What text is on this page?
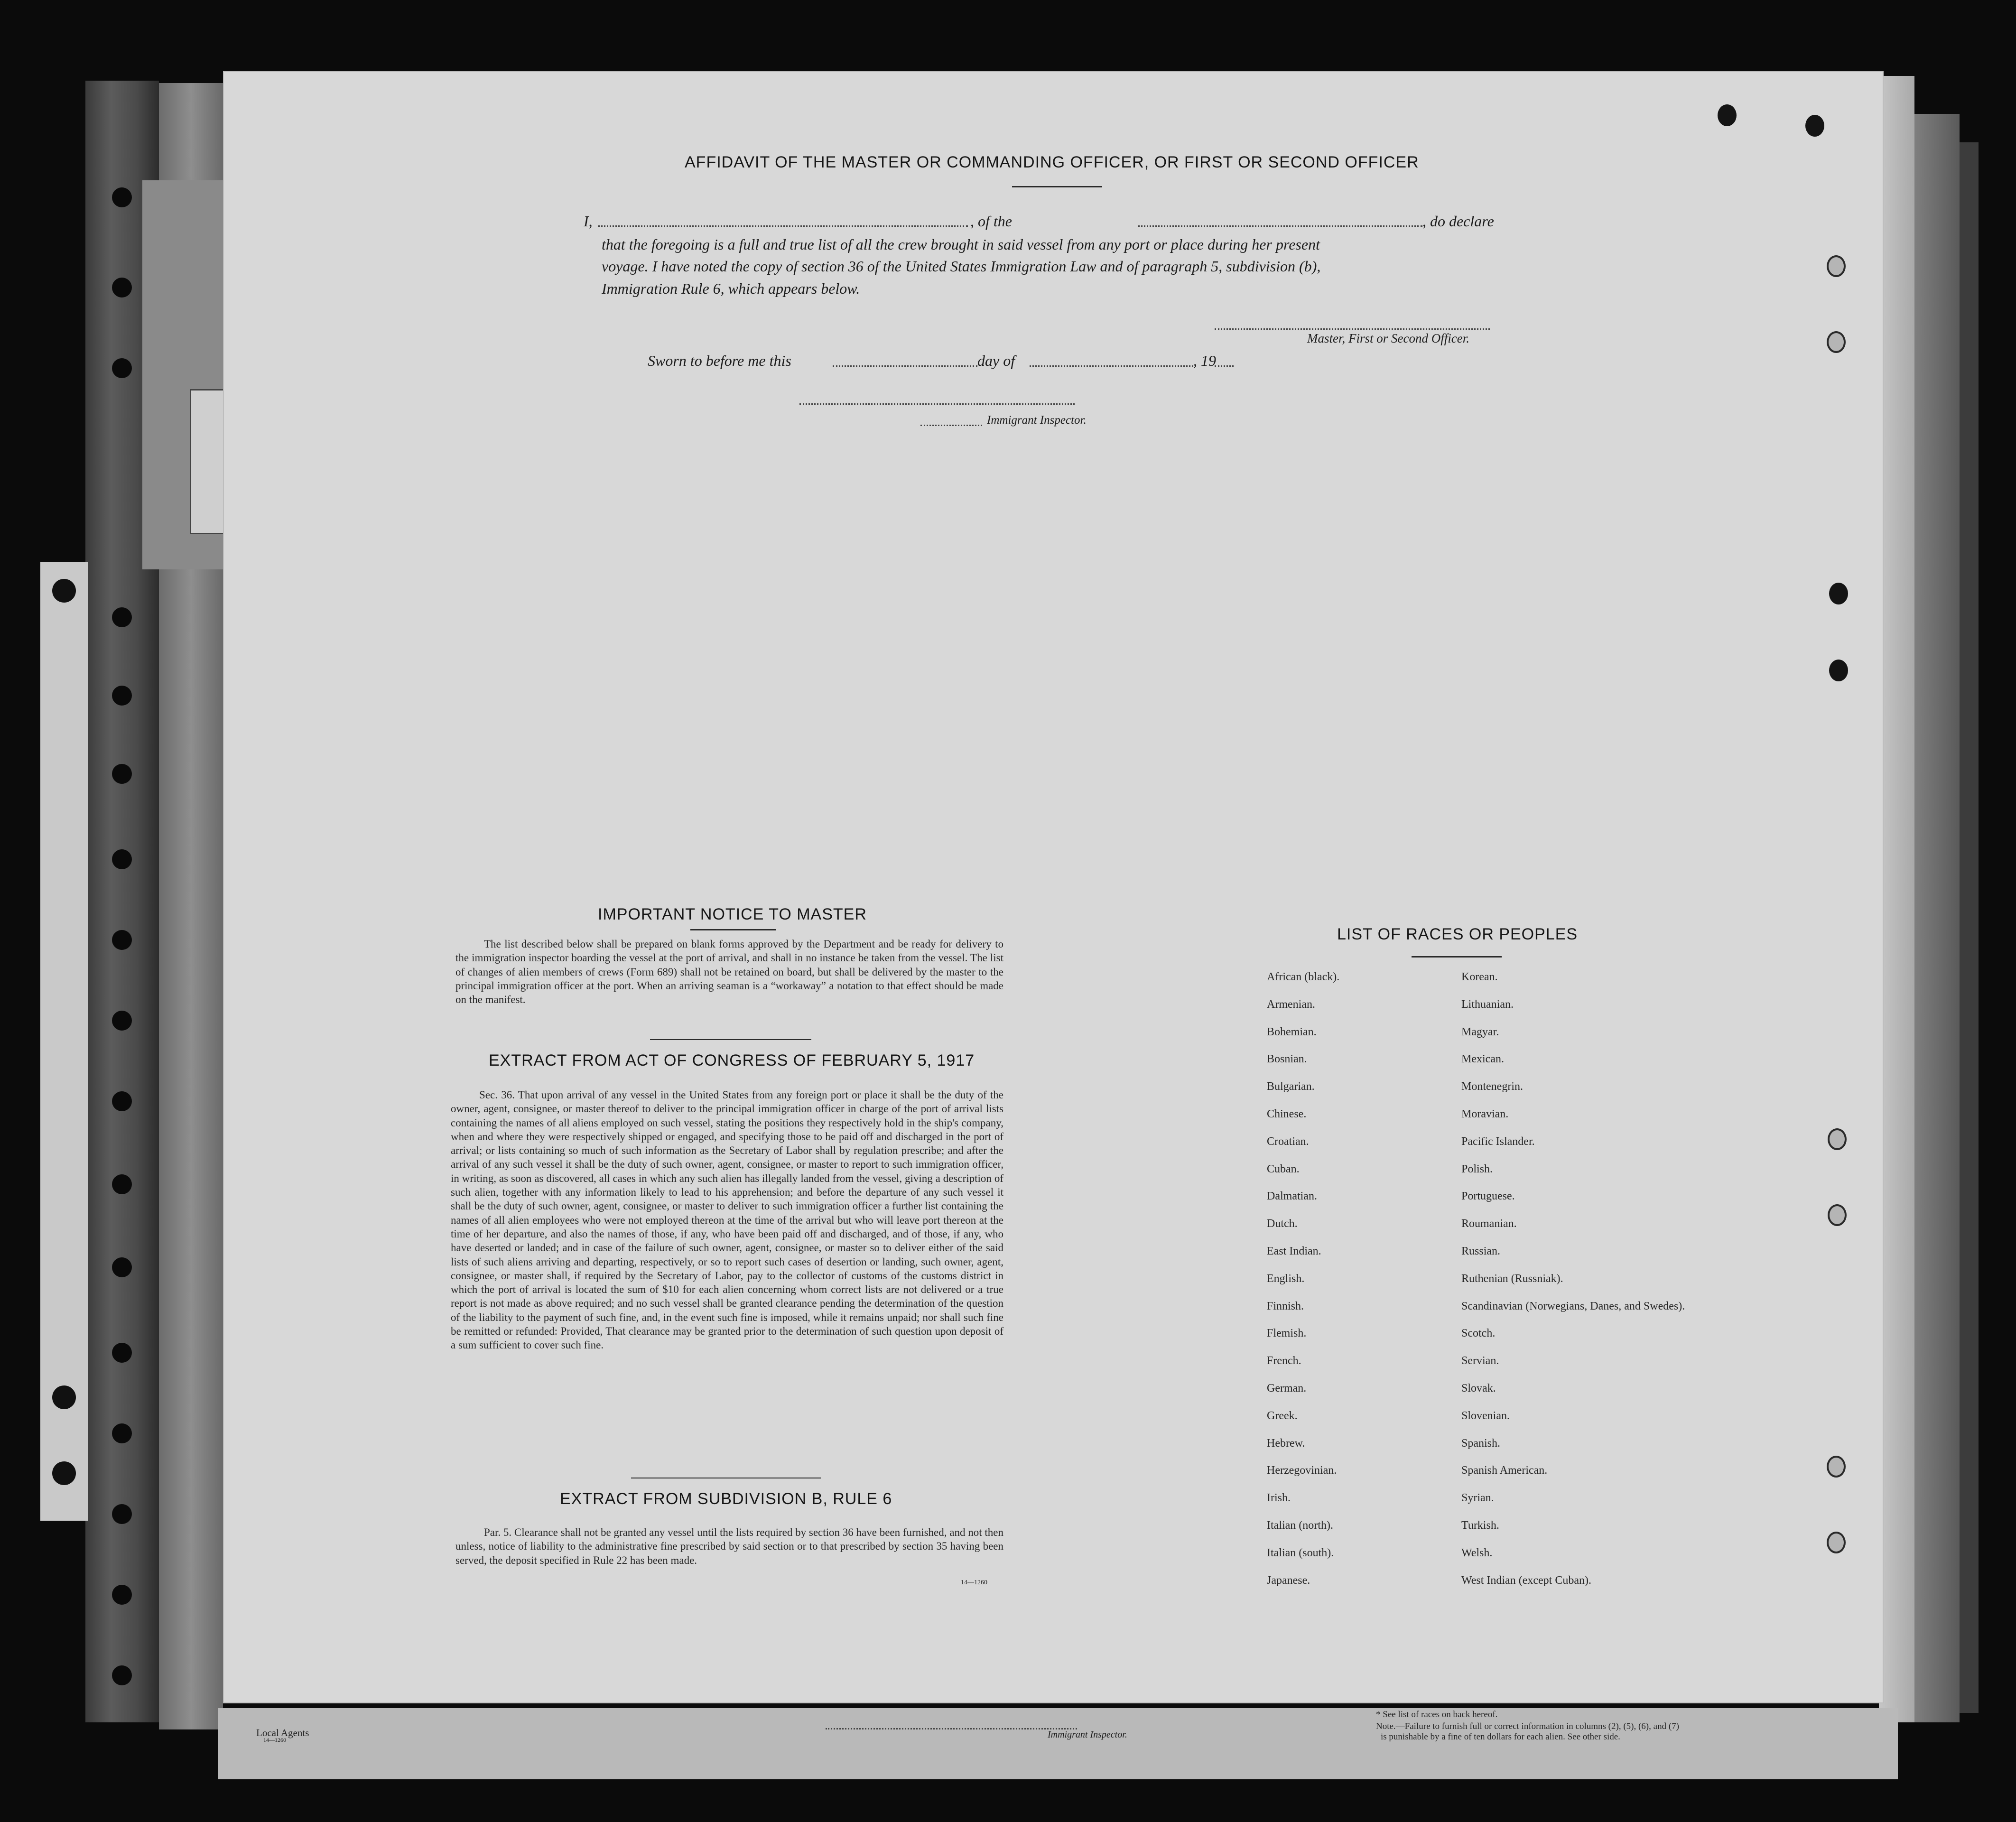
AFFIDAVIT OF THE MASTER OR COMMANDING OFFICER, OR FIRST OR SECOND OFFICER
I,	, of the	, do declare
that the foregoing is a full and true list of all the crew brought in said vessel from any port or place during her present
voyage. I have noted the copy of section 36 of the United States Immigration Law and of paragraph 5, subdivision (b),
Immigration Rule 6, which appears below.
Master, First or Second Officer.
Sworn to before me this	day of	, 19
Immigrant Inspector.
IMPORTANT NOTICE TO MASTER
The list described below shall be prepared on blank forms approved by the Department and be ready for delivery to the immigration inspector boarding the vessel at the port of arrival, and shall in no instance be taken from the vessel. The list of changes of alien members of crews (Form 689) shall not be retained on board, but shall be delivered by the master to the principal immigration officer at the port. When an arriving seaman is a “workaway” a notation to that effect should be made on the manifest.
EXTRACT FROM ACT OF CONGRESS OF FEBRUARY 5, 1917
Sec. 36. That upon arrival of any vessel in the United States from any foreign port or place it shall be the duty of the owner, agent, consignee, or master thereof to deliver to the principal immigration officer in charge of the port of arrival lists containing the names of all aliens employed on such vessel, stating the positions they respectively hold in the ship's company, when and where they were respectively shipped or engaged, and specifying those to be paid off and discharged in the port of arrival; or lists containing so much of such information as the Secretary of Labor shall by regulation prescribe; and after the arrival of any such vessel it shall be the duty of such owner, agent, consignee, or master to report to such immigration officer, in writing, as soon as discovered, all cases in which any such alien has illegally landed from the vessel, giving a description of such alien, together with any information likely to lead to his apprehension; and before the departure of any such vessel it shall be the duty of such owner, agent, consignee, or master to deliver to such immigration officer a further list containing the names of all alien employees who were not employed thereon at the time of the arrival but who will leave port thereon at the time of her departure, and also the names of those, if any, who have been paid off and discharged, and of those, if any, who have deserted or landed; and in case of the failure of such owner, agent, consignee, or master so to deliver either of the said lists of such aliens arriving and departing, respectively, or so to report such cases of desertion or landing, such owner, agent, consignee, or master shall, if required by the Secretary of Labor, pay to the collector of customs of the customs district in which the port of arrival is located the sum of $10 for each alien concerning whom correct lists are not delivered or a true report is not made as above required; and no such vessel shall be granted clearance pending the determination of the question of the liability to the payment of such fine, and, in the event such fine is imposed, while it remains unpaid; nor shall such fine be remitted or refunded: Provided, That clearance may be granted prior to the determination of such question upon deposit of a sum sufficient to cover such fine.
EXTRACT FROM SUBDIVISION B, RULE 6
Par. 5. Clearance shall not be granted any vessel until the lists required by section 36 have been furnished, and not then unless, notice of liability to the administrative fine prescribed by said section or to that prescribed by section 35 having been served, the deposit specified in Rule 22 has been made.
14—1260
LIST OF RACES OR PEOPLES
Local Agents
14—1260	Immigrant Inspector.
* See list of races on back hereof.
Note.—Failure to furnish full or correct information in columns (2), (5), (6), and (7)
is punishable by a fine of ten dollars for each alien. See other side.
African (black).	Korean.
Armenian.	Lithuanian.
Bohemian.	Magyar.
Bosnian.	Mexican.
Bulgarian.	Montenegrin.
Chinese.	Moravian.
Croatian.	Pacific Islander.
Cuban.	Polish.
Dalmatian.	Portuguese.
Dutch.	Roumanian.
East Indian.	Russian.
English.	Ruthenian (Russniak).
Finnish.	Scandinavian (Norwegians, Danes, and Swedes).
Flemish.	Scotch.
French.	Servian.
German.	Slovak.
Greek.	Slovenian.
Hebrew.	Spanish.
Herzegovinian.	Spanish American.
Irish.	Syrian.
Italian (north).	Turkish.
Italian (south).	Welsh.
Japanese.	West Indian (except Cuban).
